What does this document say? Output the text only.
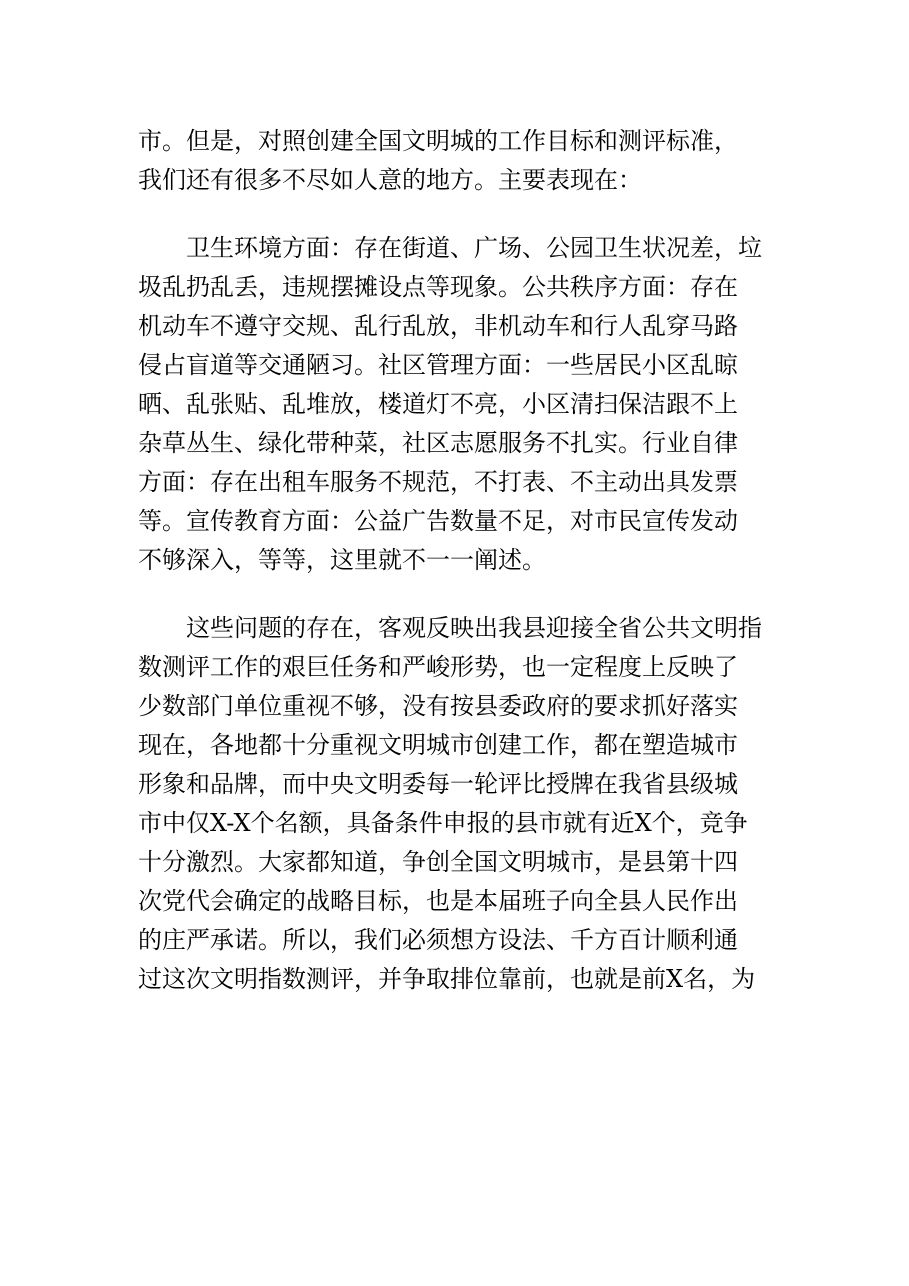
市。但是，对照创建全国文明城的工作目标和测评标准，
我们还有很多不尽如人意的地方。主要表现在：
　　卫生环境方面：存在街道、广场、公园卫生状况差，垃
圾乱扔乱丢，违规摆摊设点等现象。公共秩序方面：存在
机动车不遵守交规、乱行乱放，非机动车和行人乱穿马路
侵占盲道等交通陋习。社区管理方面：一些居民小区乱晾
晒、乱张贴、乱堆放，楼道灯不亮，小区清扫保洁跟不上
杂草丛生、绿化带种菜，社区志愿服务不扎实。行业自律
方面：存在出租车服务不规范，不打表、不主动出具发票
等。宣传教育方面：公益广告数量不足，对市民宣传发动
不够深入，等等，这里就不一一阐述。
　　这些问题的存在，客观反映出我县迎接全省公共文明指
数测评工作的艰巨任务和严峻形势，也一定程度上反映了
少数部门单位重视不够，没有按县委政府的要求抓好落实
现在，各地都十分重视文明城市创建工作，都在塑造城市
形象和品牌，而中央文明委每一轮评比授牌在我省县级城
市中仅X-X个名额，具备条件申报的县市就有近X个，竞争
十分激烈。大家都知道，争创全国文明城市，是县第十四
次党代会确定的战略目标，也是本届班子向全县人民作出
的庄严承诺。所以，我们必须想方设法、千方百计顺利通
过这次文明指数测评，并争取排位靠前，也就是前X名，为
